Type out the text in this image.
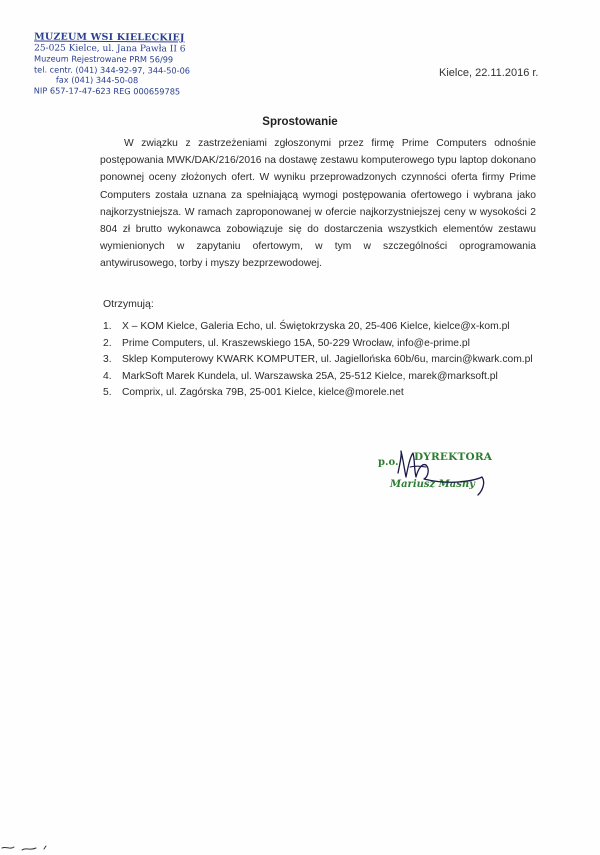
MUZEUM WSI KIELECKIEJ
25-025 Kielce, ul. Jana Pawła II 6
Muzeum Rejestrowane PRM 56/99
tel. centr. (041) 344-92-97, 344-50-06
fax (041) 344-50-08
NIP 657-17-47-623 REG 000659785
Kielce, 22.11.2016 r.
Sprostowanie

W związku z zastrzeżeniami zgłoszonymi przez firmę Prime Computers odnośnie postępowania MWK/DAK/216/2016 na dostawę zestawu komputerowego typu laptop dokonano ponownej oceny złożonych ofert. W wyniku przeprowadzonych czynności oferta firmy Prime Computers została uznana za spełniającą wymogi postępowania ofertowego i wybrana jako najkorzystniejsza. W ramach zaproponowanej w ofercie najkorzystniejszej ceny w wysokości 2 804 zł brutto wykonawca zobowiązuje się do dostarczenia wszystkich elementów zestawu wymienionych w zapytaniu ofertowym, w tym w szczególności oprogramowania antywirusowego, torby i myszy bezprzewodowej.

Otrzymują:
1.	X – KOM Kielce, Galeria Echo, ul. Świętokrzyska 20, 25-406 Kielce, kielce@x-kom.pl
2.	Prime Computers, ul. Kraszewskiego 15A, 50-229 Wrocław, info@e-prime.pl
3.	Sklep Komputerowy KWARK KOMPUTER, ul. Jagiellońska 60b/6u, marcin@kwark.com.pl
4.	MarkSoft Marek Kundela, ul. Warszawska 25A, 25-512 Kielce, marek@marksoft.pl
5.	Comprix, ul. Zagórska 79B, 25-001 Kielce, kielce@morele.net
p.o. DYREKTORA
Mariusz Masny
